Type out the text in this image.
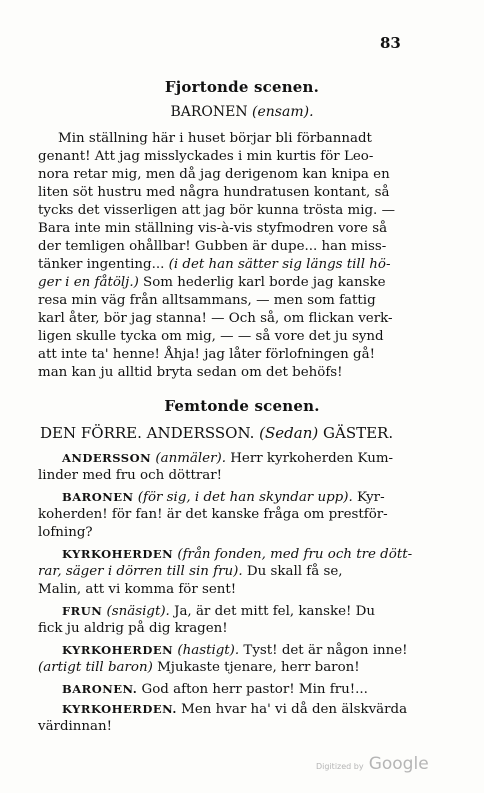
83
Fjortonde scenen.
BARONEN (ensam).
Min ställning här i huset börjar bli förbannadt
genant! Att jag misslyckades i min kurtis för Leo-
nora retar mig, men då jag derigenom kan knipa en
liten söt hustru med några hundratusen kontant, så
tycks det visserligen att jag bör kunna trösta mig. —
Bara inte min ställning vis-à-vis styfmodren vore så
der temligen ohållbar! Gubben är dupe... han miss-
tänker ingenting... (i det han sätter sig längs till hö-
ger i en fåtölj.) Som hederlig karl borde jag kanske
resa min väg från alltsammans, — men som fattig
karl åter, bör jag stanna! — Och så, om flickan verk-
ligen skulle tycka om mig, — — så vore det ju synd
att inte ta' henne! Åhja! jag låter förlofningen gå!
man kan ju alltid bryta sedan om det behöfs!
Femtonde scenen.
DEN FÖRRE. ANDERSSON. (Sedan) GÄSTER.
ANDERSSON (anmäler). Herr kyrkoherden Kum-
linder med fru och döttrar!
BARONEN (för sig, i det han skyndar upp). Kyr-
koherden! för fan! är det kanske fråga om prestför-
lofning?
KYRKOHERDEN (från fonden, med fru och tre dött-
rar, säger i dörren till sin fru). Du skall få se,
Malin, att vi komma för sent!
FRUN (snäsigt). Ja, är det mitt fel, kanske! Du
fick ju aldrig på dig kragen!
KYRKOHERDEN (hastigt). Tyst! det är någon inne!
(artigt till baron) Mjukaste tjenare, herr baron!
BARONEN. God afton herr pastor! Min fru!...
KYRKOHERDEN. Men hvar ha' vi då den älskvärda
värdinnan!
Digitized by Google
